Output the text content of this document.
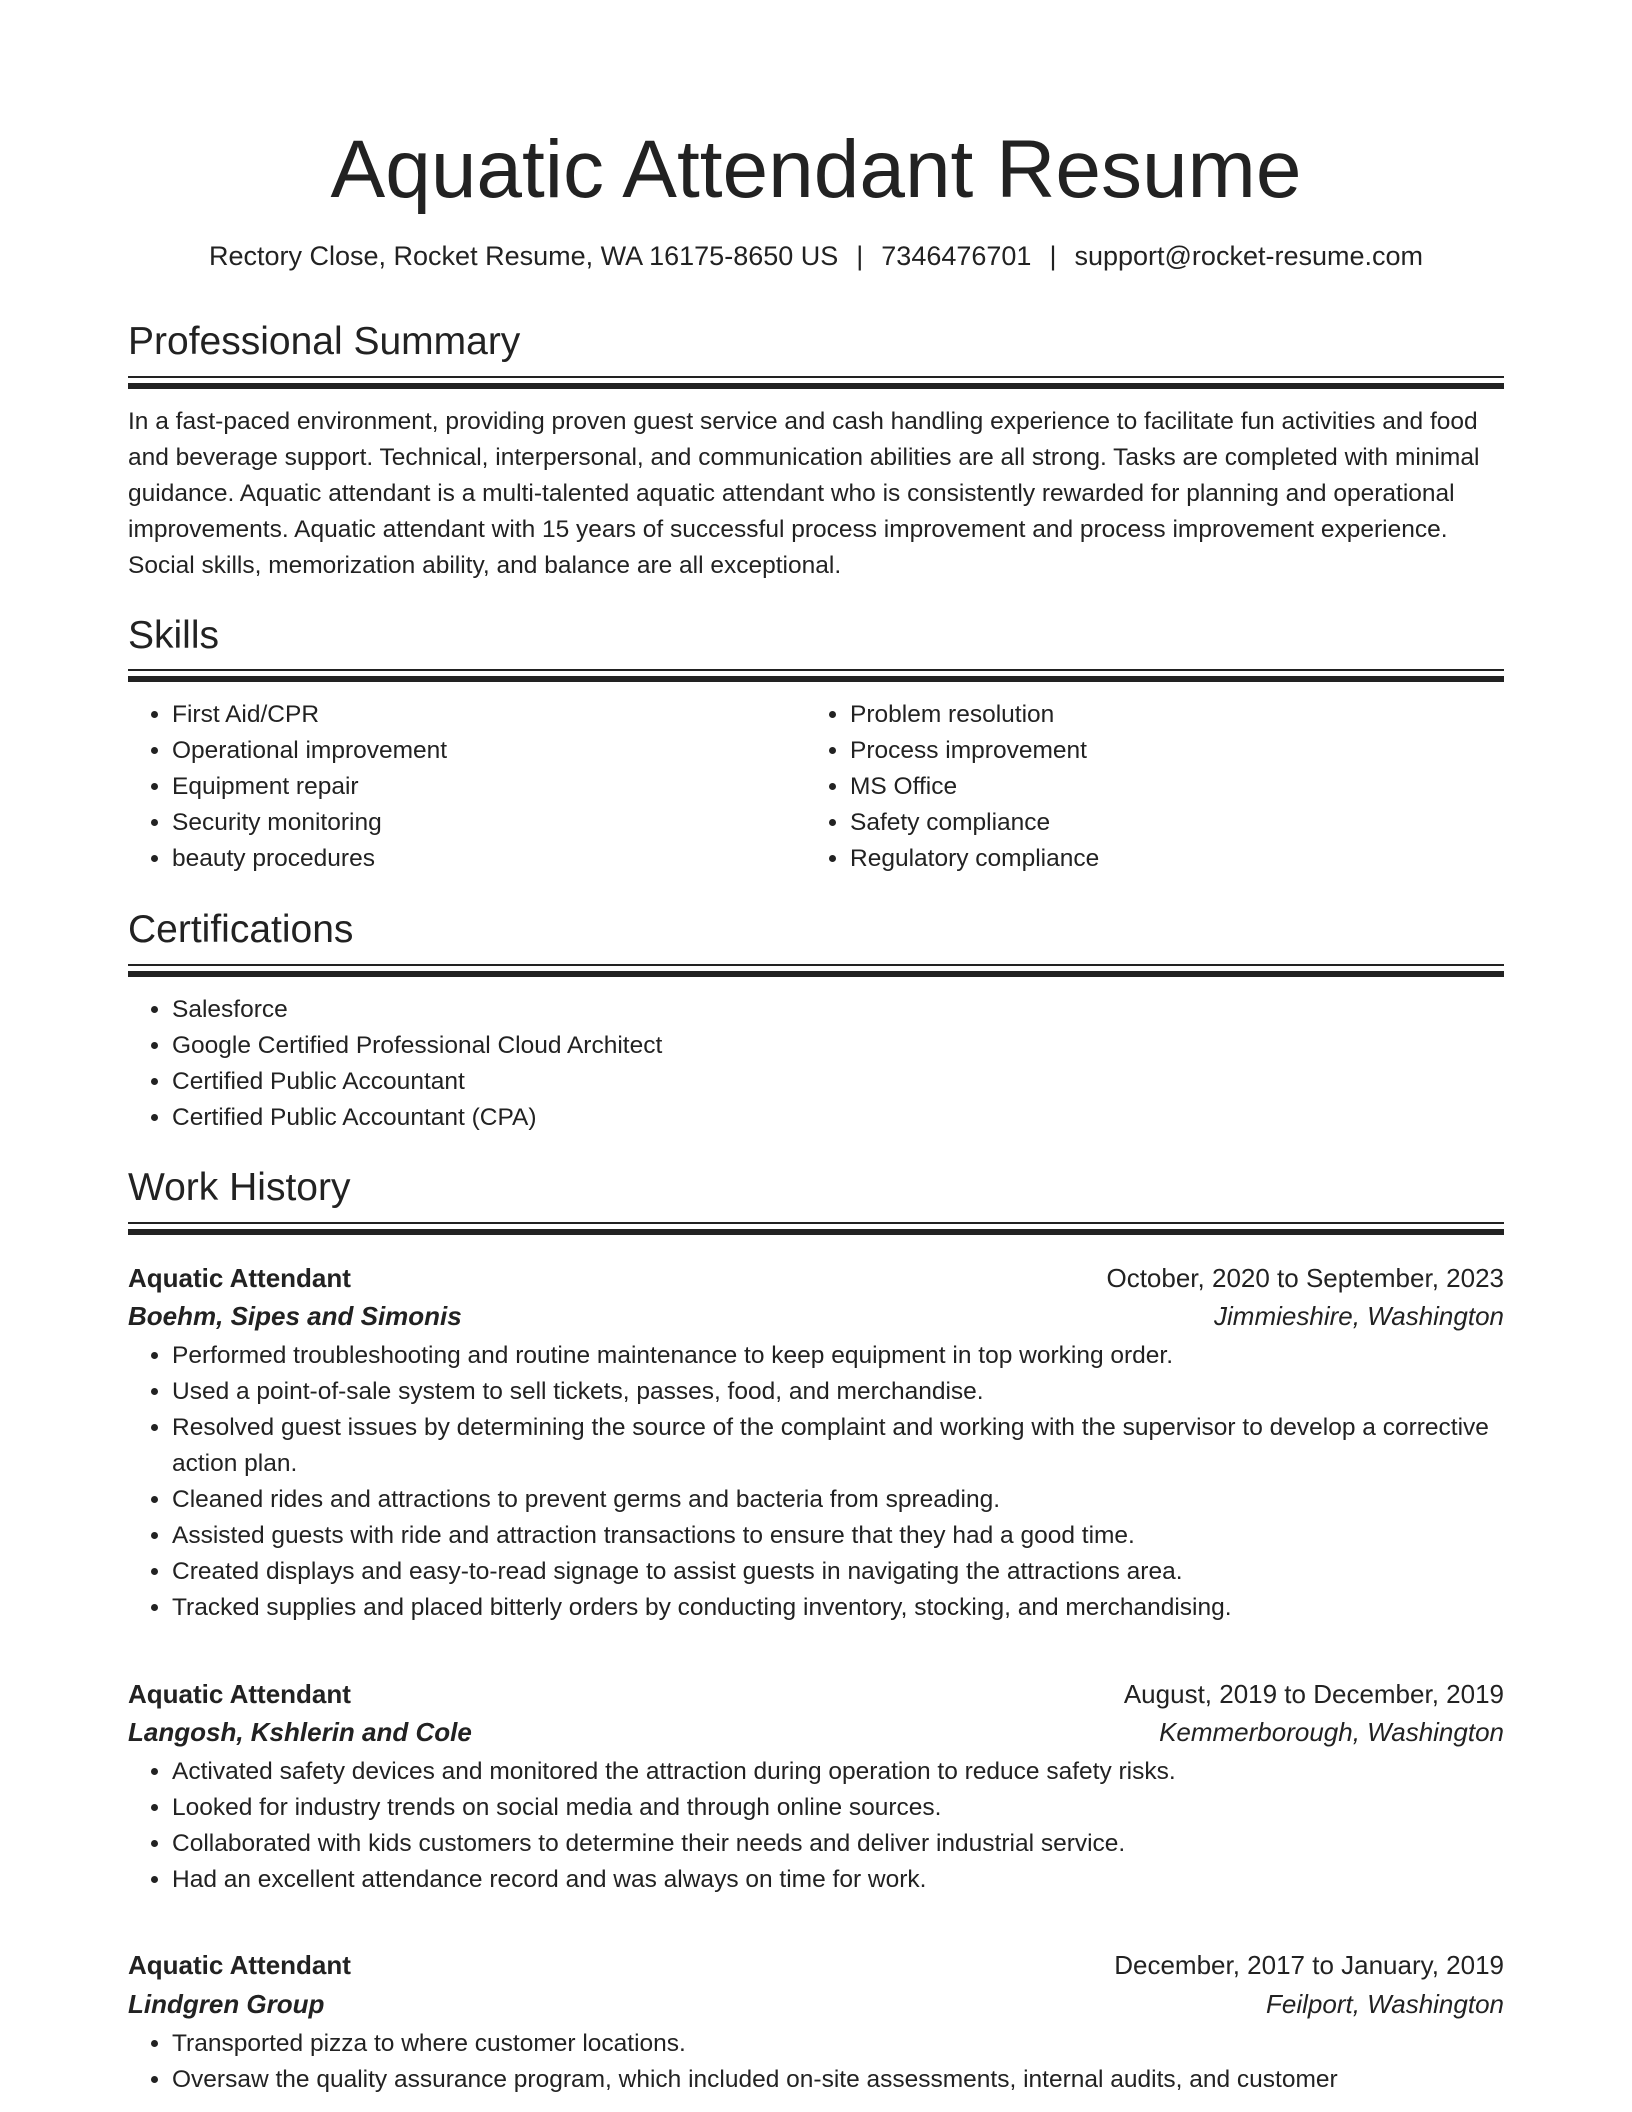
Aquatic Attendant Resume
Rectory Close, Rocket Resume, WA 16175-8650 US | 7346476701 | support@rocket-resume.com
Professional Summary

In a fast-paced environment, providing proven guest service and cash handling experience to facilitate fun activities and food and beverage support. Technical, interpersonal, and communication abilities are all strong. Tasks are completed with minimal guidance. Aquatic attendant is a multi-talented aquatic attendant who is consistently rewarded for planning and operational improvements. Aquatic attendant with 15 years of successful process improvement and process improvement experience. Social skills, memorization ability, and balance are all exceptional.

Skills
• First Aid/CPR
• Operational improvement
• Equipment repair
• Security monitoring
• beauty procedures
• Problem resolution
• Process improvement
• MS Office
• Safety compliance
• Regulatory compliance
Certifications
• Salesforce
• Google Certified Professional Cloud Architect
• Certified Public Accountant
• Certified Public Accountant (CPA)
Work History
Aquatic Attendant	October, 2020 to September, 2023
Boehm, Sipes and Simonis	Jimmieshire, Washington
• Performed troubleshooting and routine maintenance to keep equipment in top working order.
• Used a point-of-sale system to sell tickets, passes, food, and merchandise.
• Resolved guest issues by determining the source of the complaint and working with the supervisor to develop a corrective action plan.
• Cleaned rides and attractions to prevent germs and bacteria from spreading.
• Assisted guests with ride and attraction transactions to ensure that they had a good time.
• Created displays and easy-to-read signage to assist guests in navigating the attractions area.
• Tracked supplies and placed bitterly orders by conducting inventory, stocking, and merchandising.
Aquatic Attendant	August, 2019 to December, 2019
Langosh, Kshlerin and Cole	Kemmerborough, Washington
• Activated safety devices and monitored the attraction during operation to reduce safety risks.
• Looked for industry trends on social media and through online sources.
• Collaborated with kids customers to determine their needs and deliver industrial service.
• Had an excellent attendance record and was always on time for work.
Aquatic Attendant	December, 2017 to January, 2019
Lindgren Group	Feilport, Washington
• Transported pizza to where customer locations.
• Oversaw the quality assurance program, which included on-site assessments, internal audits, and customer
